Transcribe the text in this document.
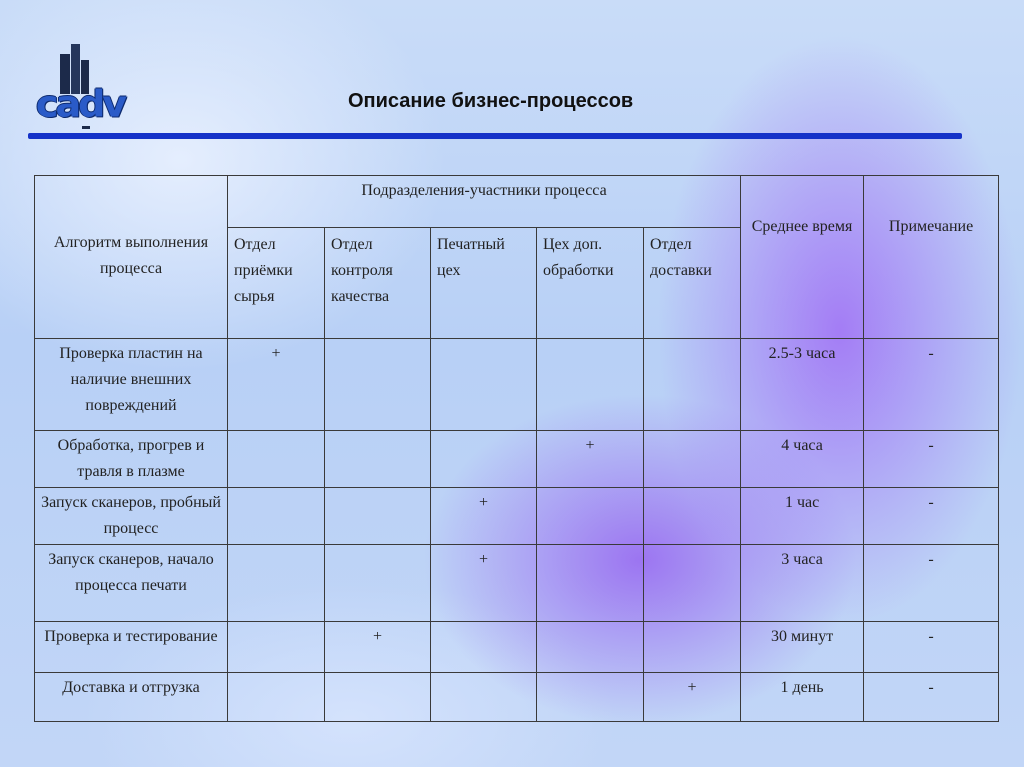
cadv	Описание бизнес-процессов
Алгоритм выполнения процесса	Подразделения-участники процесса					Среднее время	Примечание
	Отдел приёмки сырья	Отдел контроля качества	Печатный цех	Цех доп. обработки	Отдел доставки		
Проверка пластин на наличие внешних повреждений	+					2.5-3 часа	-
Обработка, прогрев и травля в плазме				+		4 часа	-
Запуск сканеров, пробный процесс			+			1 час	-
Запуск сканеров, начало процесса печати			+			3 часа	-
Проверка и тестирование		+				30 минут	-
Доставка и отгрузка					+	1 день	-
